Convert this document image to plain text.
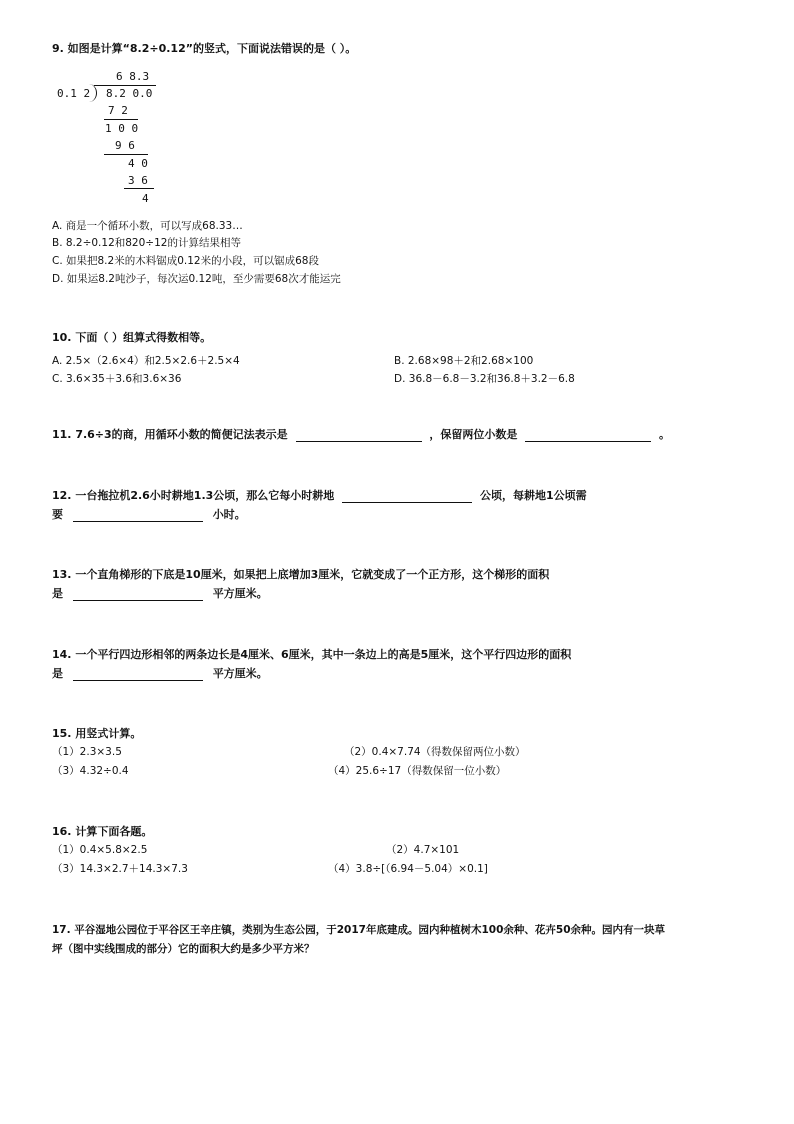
9. 如图是计算“8.2÷0.12”的竖式，下面说法错误的是（ ）。
6 8.3
0.1 2 8.2 0.0
7 2
1 0 0
9 6
4 0
3 6
4
A. 商是一个循环小数，可以写成68.33…
B. 8.2÷0.12和820÷12的计算结果相等
C. 如果把8.2米的木料锯成0.12米的小段，可以锯成68段
D. 如果运8.2吨沙子，每次运0.12吨，至少需要68次才能运完
10. 下面（ ）组算式得数相等。
A. 2.5×（2.6×4）和2.5×2.6＋2.5×4	B. 2.68×98＋2和2.68×100
C. 3.6×35＋3.6和3.6×36	D. 36.8－6.8－3.2和36.8＋3.2－6.8
11. 7.6÷3的商，用循环小数的简便记法表示是	，保留两位小数是	。
12. 一台拖拉机2.6小时耕地1.3公顷，那么它每小时耕地	公顷，每耕地1公顷需
要	小时。
13. 一个直角梯形的下底是10厘米，如果把上底增加3厘米，它就变成了一个正方形，这个梯形的面积
是	平方厘米。
14. 一个平行四边形相邻的两条边长是4厘米、6厘米，其中一条边上的高是5厘米，这个平行四边形的面积
是	平方厘米。
15. 用竖式计算。
（1）2.3×3.5	（2）0.4×7.74（得数保留两位小数）
（3）4.32÷0.4	（4）25.6÷17（得数保留一位小数）
16. 计算下面各题。
（1）0.4×5.8×2.5	（2）4.7×101
（3）14.3×2.7＋14.3×7.3	（4）3.8÷[（6.94－5.04）×0.1]
17. 平谷湿地公园位于平谷区王辛庄镇，类别为生态公园，于2017年底建成。园内种植树木100余种、花卉50余种。园内有一块草
坪（图中实线围成的部分）它的面积大约是多少平方米？
